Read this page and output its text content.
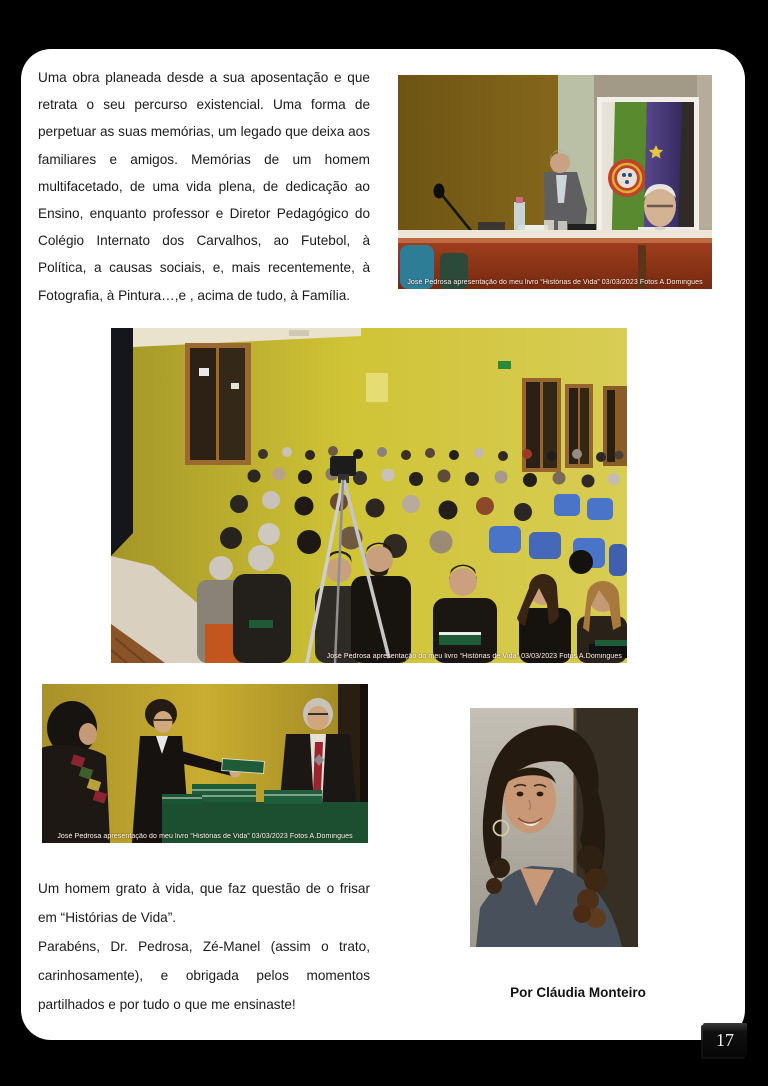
Uma obra planeada desde a sua aposentação e que retrata o seu percurso existencial. Uma forma de perpetuar as suas memórias, um legado que deixa aos familiares e amigos. Memórias de um homem multifacetado, de uma vida plena, de dedicação ao Ensino, enquanto professor e Diretor Pedagógico do Colégio Internato dos Carvalhos, ao Futebol, à Política, a causas sociais, e, mais recentemente, à Fotografia, à Pintura…,e , acima de tudo, à Família.

José Pedrosa apresentação do meu livro “Histórias de Vida” 03/03/2023 Fotos A.Domingues
José Pedrosa apresentação do meu livro “Histórias de Vida” 03/03/2023 Fotos A.Domingues
José Pedrosa apresentação do meu livro “Histórias de Vida” 03/03/2023 Fotos A.Domingues

Um homem grato à vida, que faz questão de o frisar em “Histórias de Vida”.

Parabéns, Dr. Pedrosa, Zé-Manel (assim o trato, carinhosamente), e obrigada pelos momentos partilhados e por tudo o que me ensinaste!

Por Cláudia Monteiro
17
